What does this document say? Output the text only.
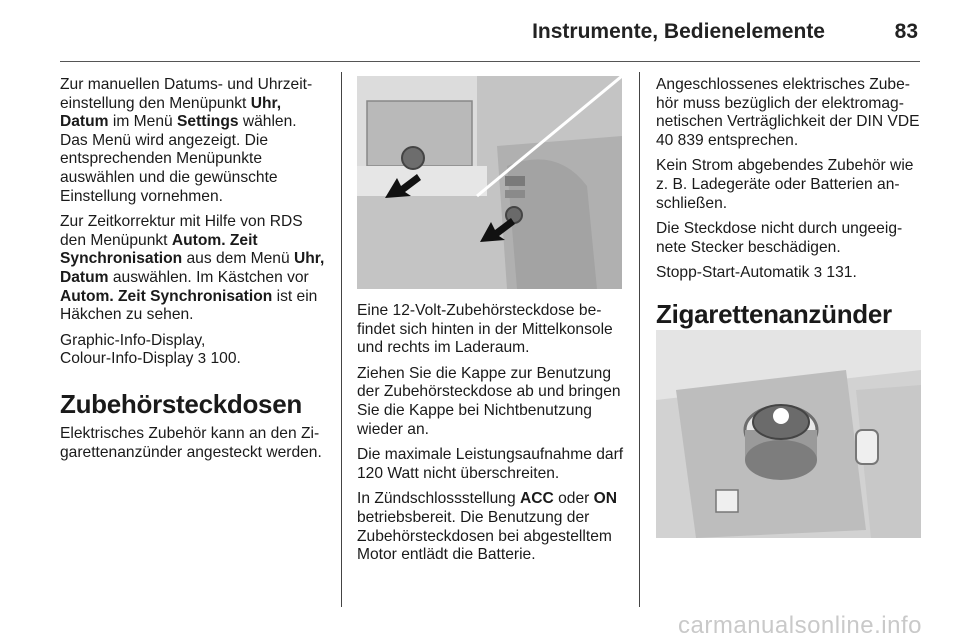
Instrumente, Bedienelemente	83

Zur manuellen Datums- und Uhrzeiteinstellung den Menüpunkt Uhr, Datum im Menü Settings wählen. Das Menü wird angezeigt. Die entsprechenden Menüpunkte auswählen und die gewünschte Einstellung vornehmen.

Zur Zeitkorrektur mit Hilfe von RDS den Menüpunkt Autom. Zeit Synchronisation aus dem Menü Uhr, Datum auswählen. Im Kästchen vor Autom. Zeit Synchronisation ist ein Häkchen zu sehen.

Graphic-Info-Display,
Colour-Info-Display 3 100.

Zubehörsteckdosen

Elektrisches Zubehör kann an den Zigarettenanzünder angesteckt werden.

Eine 12-Volt-Zubehörsteckdose befindet sich hinten in der Mittelkonsole und rechts im Laderaum.

Ziehen Sie die Kappe zur Benutzung der Zubehörsteckdose ab und bringen Sie die Kappe bei Nichtbenutzung wieder an.

Die maximale Leistungsaufnahme darf 120 Watt nicht überschreiten.

In Zündschlossstellung ACC oder ON betriebsbereit. Die Benutzung der Zubehörsteckdosen bei abgestelltem Motor entlädt die Batterie.

Angeschlossenes elektrisches Zubehör muss bezüglich der elektromagnetischen Verträglichkeit der DIN VDE 40 839 entsprechen.

Kein Strom abgebendes Zubehör wie z. B. Ladegeräte oder Batterien anschließen.

Die Steckdose nicht durch ungeeignete Stecker beschädigen.

Stopp-Start-Automatik 3 131.

Zigarettenanzünder
carmanualsonline.info
